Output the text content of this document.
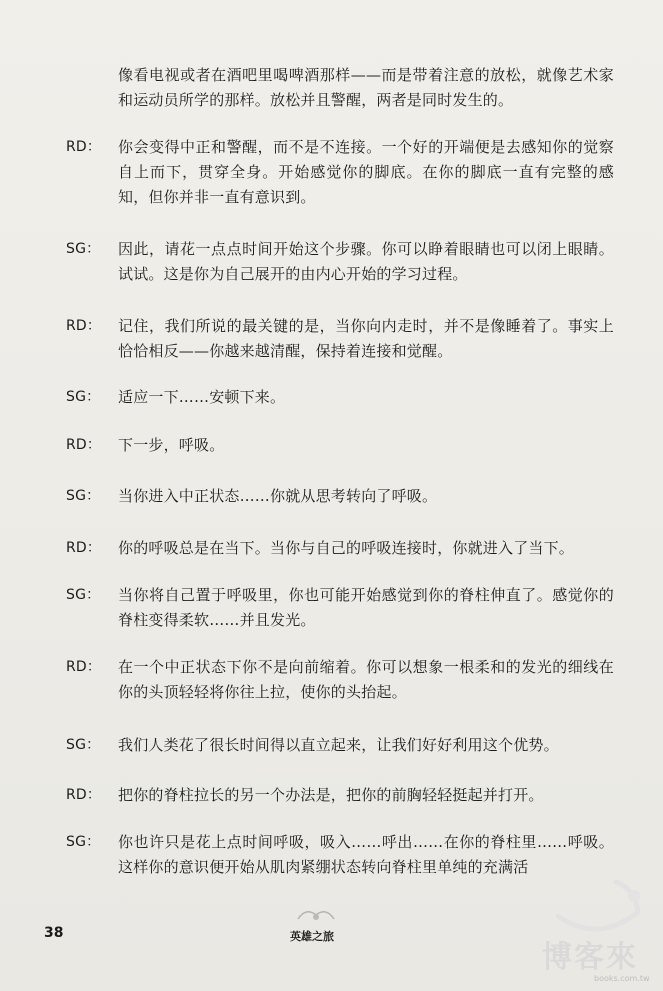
像看电视或者在酒吧里喝啤酒那样——而是带着注意的放松，就像艺术家和运动员所学的那样。放松并且警醒，两者是同时发生的。
RD：	你会变得中正和警醒，而不是不连接。一个好的开端便是去感知你的觉察自上而下，贯穿全身。开始感觉你的脚底。在你的脚底一直有完整的感知，但你并非一直有意识到。
SG：	因此，请花一点点时间开始这个步骤。你可以睁着眼睛也可以闭上眼睛。试试。这是你为自己展开的由内心开始的学习过程。
RD：	记住，我们所说的最关键的是，当你向内走时，并不是像睡着了。事实上恰恰相反——你越来越清醒，保持着连接和觉醒。
SG：	适应一下……安顿下来。
RD：	下一步，呼吸。
SG：	当你进入中正状态……你就从思考转向了呼吸。
RD：	你的呼吸总是在当下。当你与自己的呼吸连接时，你就进入了当下。
SG：	当你将自己置于呼吸里，你也可能开始感觉到你的脊柱伸直了。感觉你的脊柱变得柔软……并且发光。
RD：	在一个中正状态下你不是向前缩着。你可以想象一根柔和的发光的细线在你的头顶轻轻将你往上拉，使你的头抬起。
SG：	我们人类花了很长时间得以直立起来，让我们好好利用这个优势。
RD：	把你的脊柱拉长的另一个办法是，把你的前胸轻轻挺起并打开。
SG：	你也许只是花上点时间呼吸，吸入……呼出……在你的脊柱里……呼吸。这样你的意识便开始从肌肉紧绷状态转向脊柱里单纯的充满活
38	英雄之旅
博客來
books.com.tw
